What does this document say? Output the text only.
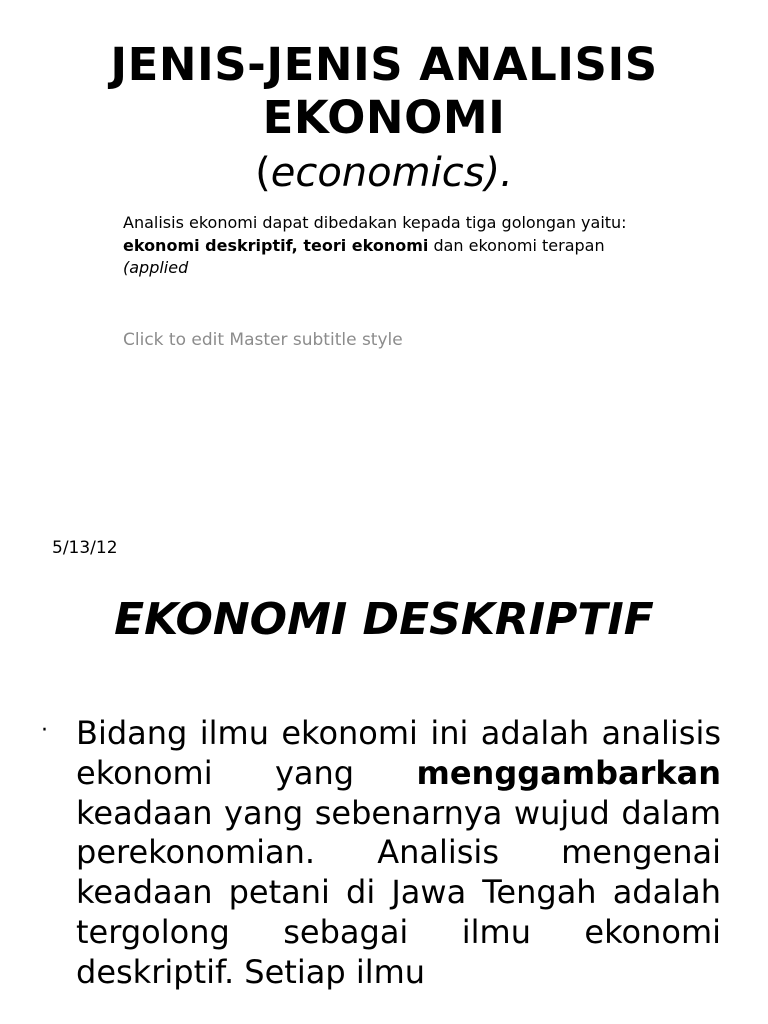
JENIS-JENIS ANALISIS EKONOMI
(economics).
Analisis ekonomi dapat dibedakan kepada tiga golongan yaitu: ekonomi deskriptif, teori ekonomi dan ekonomi terapan (applied
Click to edit Master subtitle style
5/13/12
EKONOMI DESKRIPTIF
· Bidang ilmu ekonomi ini adalah analisis ekonomi yang menggambarkan keadaan yang sebenarnya wujud dalam perekonomian. Analisis mengenai keadaan petani di Jawa Tengah adalah tergolong sebagai ilmu ekonomi deskriptif. Setiap ilmu
